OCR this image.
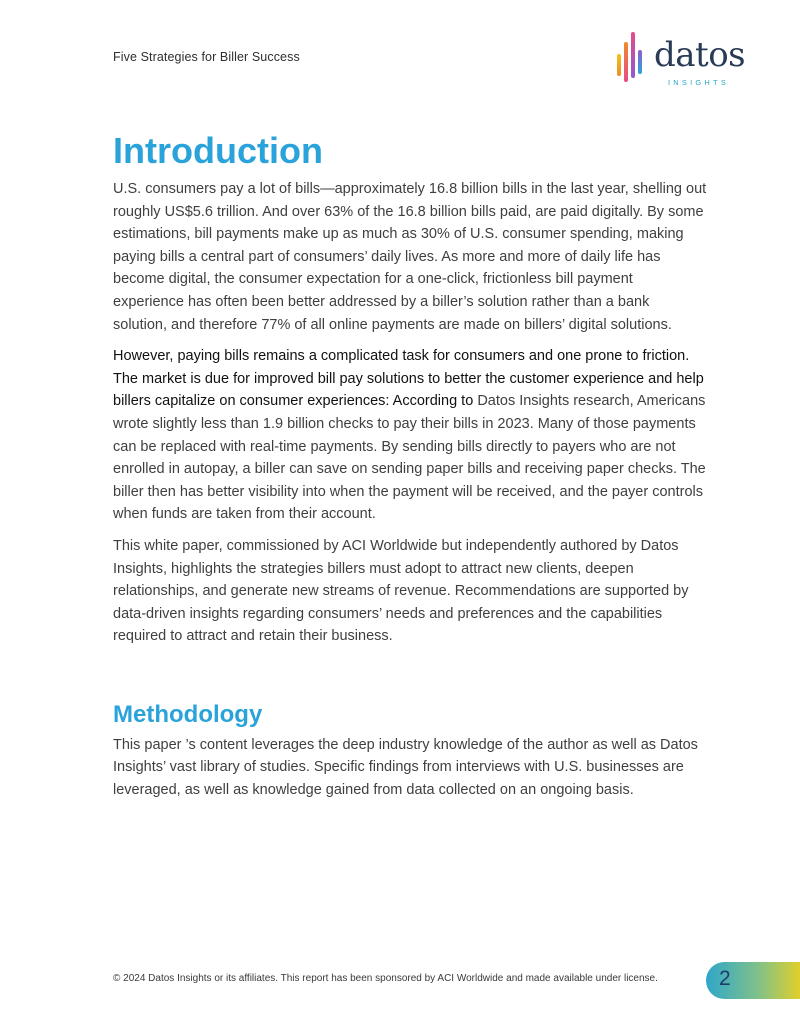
Five Strategies for Biller Success	datos
INSIGHTS
Introduction

U.S. consumers pay a lot of bills—approximately 16.8 billion bills in the last year, shelling out roughly US$5.6 trillion. And over 63% of the 16.8 billion bills paid, are paid digitally. By some estimations, bill payments make up as much as 30% of U.S. consumer spending, making paying bills a central part of consumers’ daily lives. As more and more of daily life has become digital, the consumer expectation for a one-click, frictionless bill payment experience has often been better addressed by a biller’s solution rather than a bank solution, and therefore 77% of all online payments are made on billers’ digital solutions.

However, paying bills remains a complicated task for consumers and one prone to friction. The market is due for improved bill pay solutions to better the customer experience and help billers capitalize on consumer experiences: According to Datos Insights research, Americans wrote slightly less than 1.9 billion checks to pay their bills in 2023. Many of those payments can be replaced with real-time payments. By sending bills directly to payers who are not enrolled in autopay, a biller can save on sending paper bills and receiving paper checks. The biller then has better visibility into when the payment will be received, and the payer controls when funds are taken from their account.

This white paper, commissioned by ACI Worldwide but independently authored by Datos Insights, highlights the strategies billers must adopt to attract new clients, deepen relationships, and generate new streams of revenue. Recommendations are supported by data-driven insights regarding consumers’ needs and preferences and the capabilities required to attract and retain their business.

Methodology

This paper ’s content leverages the deep industry knowledge of the author as well as Datos Insights’ vast library of studies. Specific findings from interviews with U.S. businesses are leveraged, as well as knowledge gained from data collected on an ongoing basis.

© 2024 Datos Insights or its affiliates. This report has been sponsored by ACI Worldwide and made available under license.	2
